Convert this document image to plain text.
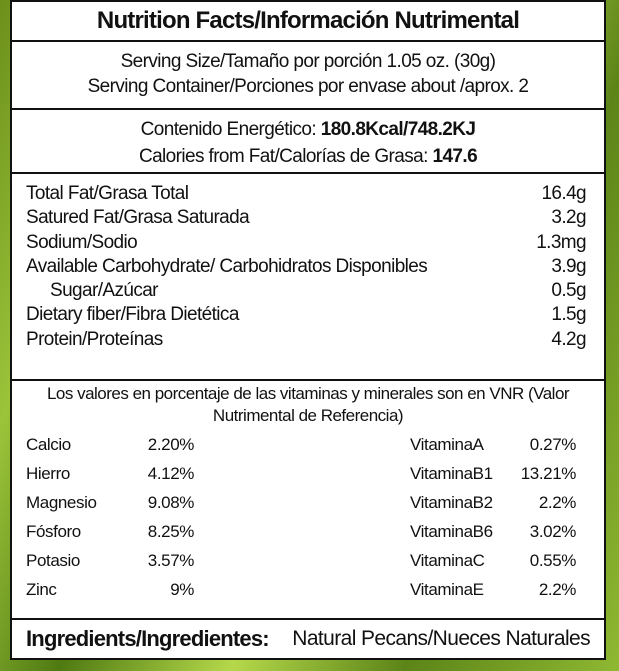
Nutrition Facts/Información Nutrimental
Serving Size/Tamaño por porción 1.05 oz. (30g)
Serving Container/Porciones por envase about /aprox. 2
Contenido Energético: 180.8Kcal/748.2KJ
Calories from Fat/Calorías de Grasa: 147.6
Total Fat/Grasa Total	16.4g
Satured Fat/Grasa Saturada	3.2g
Sodium/Sodio	1.3mg
Available Carbohydrate/ Carbohidratos Disponibles	3.9g
Sugar/Azúcar	0.5g
Dietary fiber/Fibra Dietética	1.5g
Protein/Proteínas	4.2g
Los valores en porcentaje de las vitaminas y minerales son en VNR (Valor Nutrimental de Referencia)
Calcio	2.20%	VitaminaA	0.27%
Hierro	4.12%	VitaminaB1	13.21%
Magnesio	9.08%	VitaminaB2	2.2%
Fósforo	8.25%	VitaminaB6	3.02%
Potasio	3.57%	VitaminaC	0.55%
Zinc	9%	VitaminaE	2.2%
Ingredients/Ingredientes: Natural Pecans/Nueces Naturales
